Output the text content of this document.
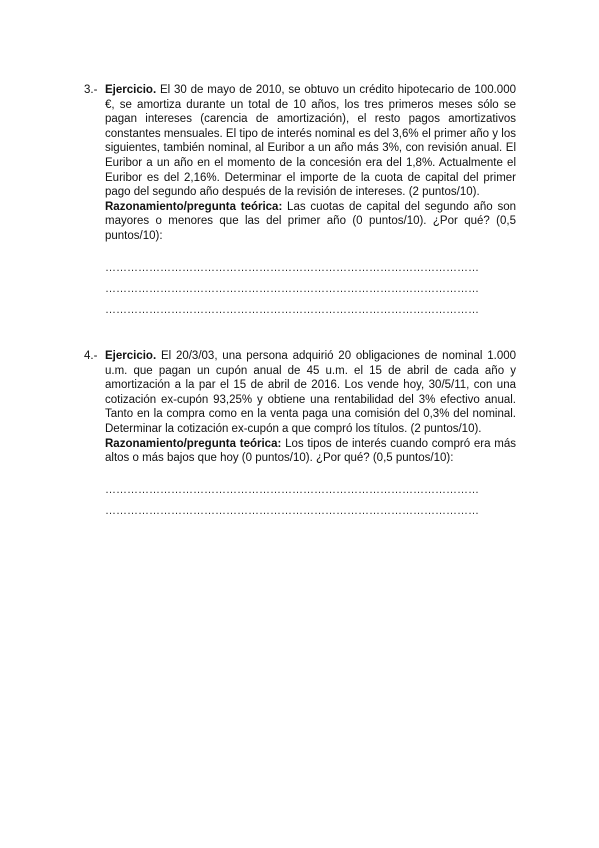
3.- Ejercicio. El 30 de mayo de 2010, se obtuvo un crédito hipotecario de 100.000 €, se amortiza durante un total de 10 años, los tres primeros meses sólo se pagan intereses (carencia de amortización), el resto pagos amortizativos constantes mensuales. El tipo de interés nominal es del 3,6% el primer año y los siguientes, también nominal, al Euribor a un año más 3%, con revisión anual. El Euribor a un año en el momento de la concesión era del 1,8%. Actualmente el Euribor es del 2,16%. Determinar el importe de la cuota de capital del primer pago del segundo año después de la revisión de intereses. (2 puntos/10).
Razonamiento/pregunta teórica: Las cuotas de capital del segundo año son mayores o menores que las del primer año (0 puntos/10). ¿Por qué? (0,5 puntos/10):
…………………………………………………………………………………………
…………………………………………………………………………………………
…………………………………………………………………………………………
4.- Ejercicio. El 20/3/03, una persona adquirió 20 obligaciones de nominal 1.000 u.m. que pagan un cupón anual de 45 u.m. el 15 de abril de cada año y amortización a la par el 15 de abril de 2016. Los vende hoy, 30/5/11, con una cotización ex-cupón 93,25% y obtiene una rentabilidad del 3% efectivo anual. Tanto en la compra como en la venta paga una comisión del 0,3% del nominal. Determinar la cotización ex-cupón a que compró los títulos. (2 puntos/10).
Razonamiento/pregunta teórica: Los tipos de interés cuando compró era más altos o más bajos que hoy (0 puntos/10). ¿Por qué? (0,5 puntos/10):
…………………………………………………………………………………………
…………………………………………………………………………………………
